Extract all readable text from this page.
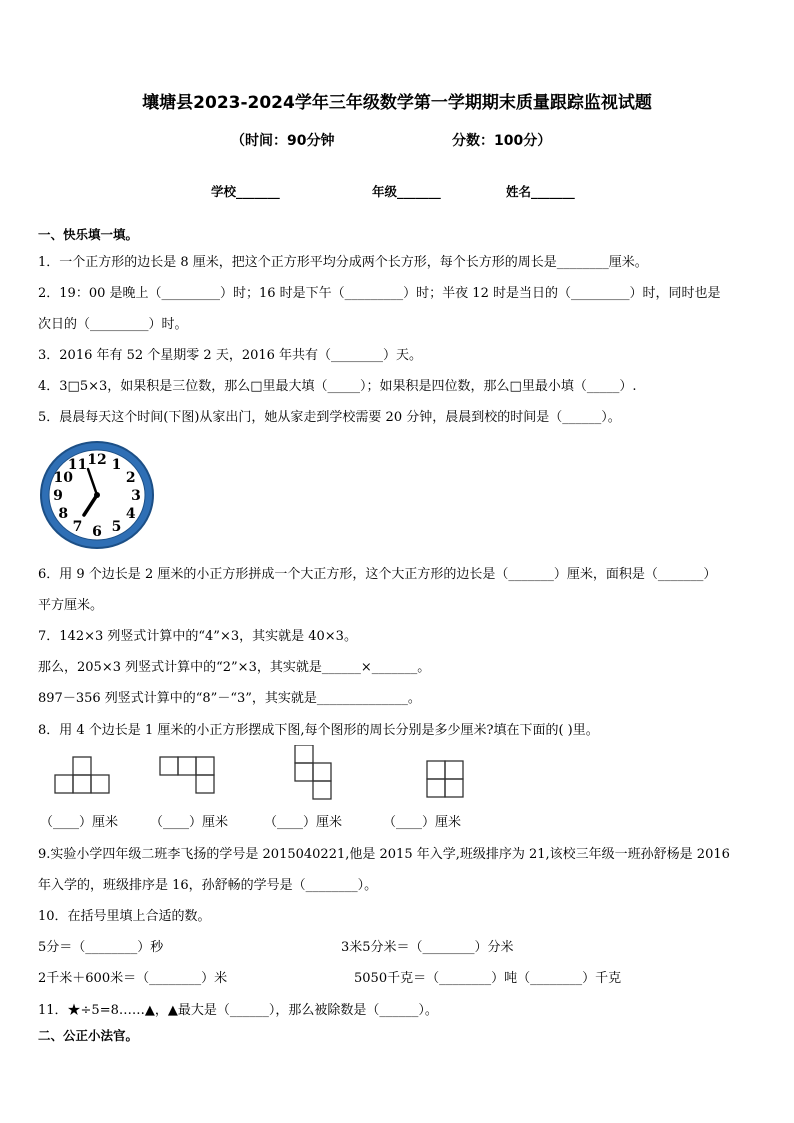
壤塘县2023-2024学年三年级数学第一学期期末质量跟踪监视试题
（时间：90分钟	分数：100分）
学校_______	年级_______	姓名_______
一、快乐填一填。
1．一个正方形的边长是 8 厘米，把这个正方形平均分成两个长方形，每个长方形的周长是________厘米。
2．19：00 是晚上（_________）时；16 时是下午（_________）时；半夜 12 时是当日的（_________）时，同时也是
次日的（_________）时。
3．2016 年有 52 个星期零 2 天，2016 年共有（________）天。
4．3□5×3，如果积是三位数，那么□里最大填（_____）；如果积是四位数，那么□里最小填（_____）.
5．晨晨每天这个时间(下图)从家出门，她从家走到学校需要 20 分钟，晨晨到校的时间是（______）。
12 1
2
3
4
5
6
7
8
9
10
11
6．用 9 个边长是 2 厘米的小正方形拼成一个大正方形，这个大正方形的边长是（_______）厘米，面积是（_______）
平方厘米。
7．142×3 列竖式计算中的“4”×3，其实就是 40×3。
那么，205×3 列竖式计算中的“2”×3，其实就是______×_______。
897－356 列竖式计算中的“8”－“3”，其实就是______________。
8．用 4 个边长是 1 厘米的小正方形摆成下图,每个图形的周长分别是多少厘米?填在下面的( )里。
（____）厘米 （____）厘米	（____）厘米	（____）厘米
9.实验小学四年级二班李飞扬的学号是 2015040221,他是 2015 年入学,班级排序为 21,该校三年级一班孙舒杨是 2016
年入学的，班级排序是 16，孙舒畅的学号是（________）。
10．在括号里填上合适的数。
5分＝（________）秒	3米5分米＝（________）分米
2千米＋600米＝（________）米	5050千克＝（________）吨（________）千克
11．★÷5=8……▲，▲最大是（______），那么被除数是（______）。
二、公正小法官。
